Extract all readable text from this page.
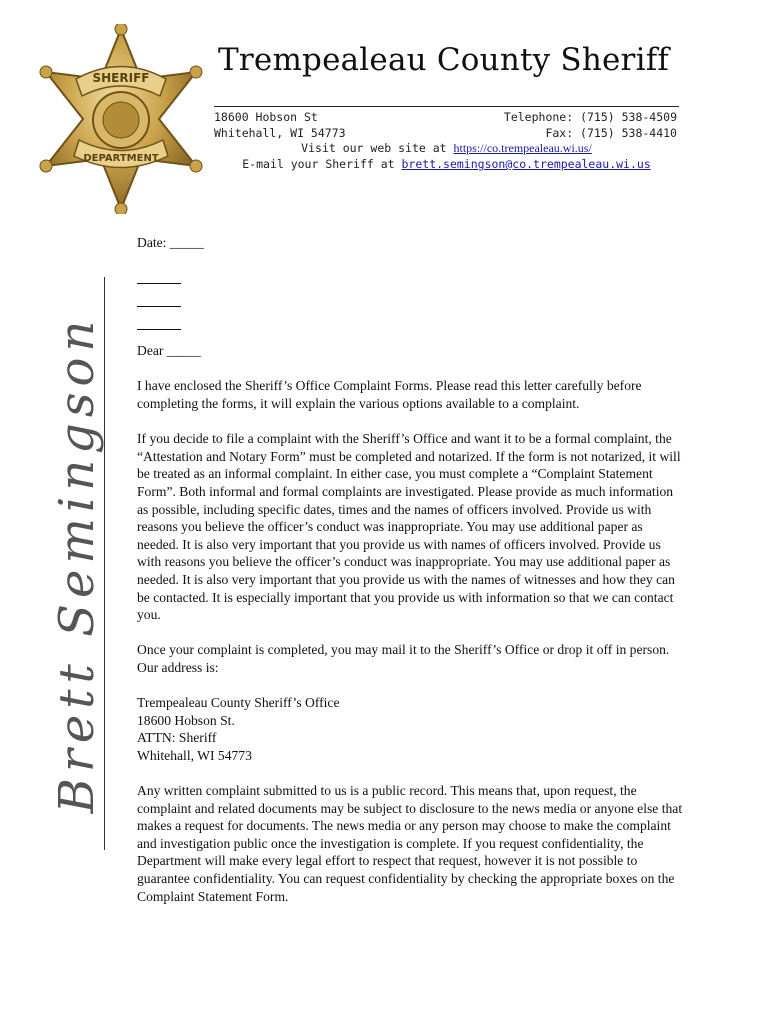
SHERIFF
DEPARTMENT
Trempealeau County Sheriff
18600 Hobson St	Telephone: (715) 538-4509
Whitehall, WI 54773	Fax: (715) 538-4410
Visit our web site at https://co.trempealeau.wi.us/
E-mail your Sheriff at brett.semingson@co.trempealeau.wi.us
Brett Semingson

Date: _____

Dear _____

I have enclosed the Sheriff’s Office Complaint Forms. Please read this letter carefully before completing the forms, it will explain the various options available to a complaint.

If you decide to file a complaint with the Sheriff’s Office and want it to be a formal complaint, the “Attestation and Notary Form” must be completed and notarized. If the form is not notarized, it will be treated as an informal complaint. In either case, you must complete a “Complaint Statement Form”. Both informal and formal complaints are investigated. Please provide as much information as possible, including specific dates, times and the names of officers involved. Provide us with reasons you believe the officer’s conduct was inappropriate. You may use additional paper as needed. It is also very important that you provide us with names of officers involved. Provide us with reasons you believe the officer’s conduct was inappropriate. You may use additional paper as needed. It is also very important that you provide us with the names of witnesses and how they can be contacted. It is especially important that you provide us with information so that we can contact you.

Once your complaint is completed, you may mail it to the Sheriff’s Office or drop it off in person. Our address is:

Trempealeau County Sheriff’s Office
18600 Hobson St.
ATTN: Sheriff
Whitehall, WI 54773

Any written complaint submitted to us is a public record. This means that, upon request, the complaint and related documents may be subject to disclosure to the news media or anyone else that makes a request for documents. The news media or any person may choose to make the complaint and investigation public once the investigation is complete. If you request confidentiality, the Department will make every legal effort to respect that request, however it is not possible to guarantee confidentiality. You can request confidentiality by checking the appropriate boxes on the Complaint Statement Form.
